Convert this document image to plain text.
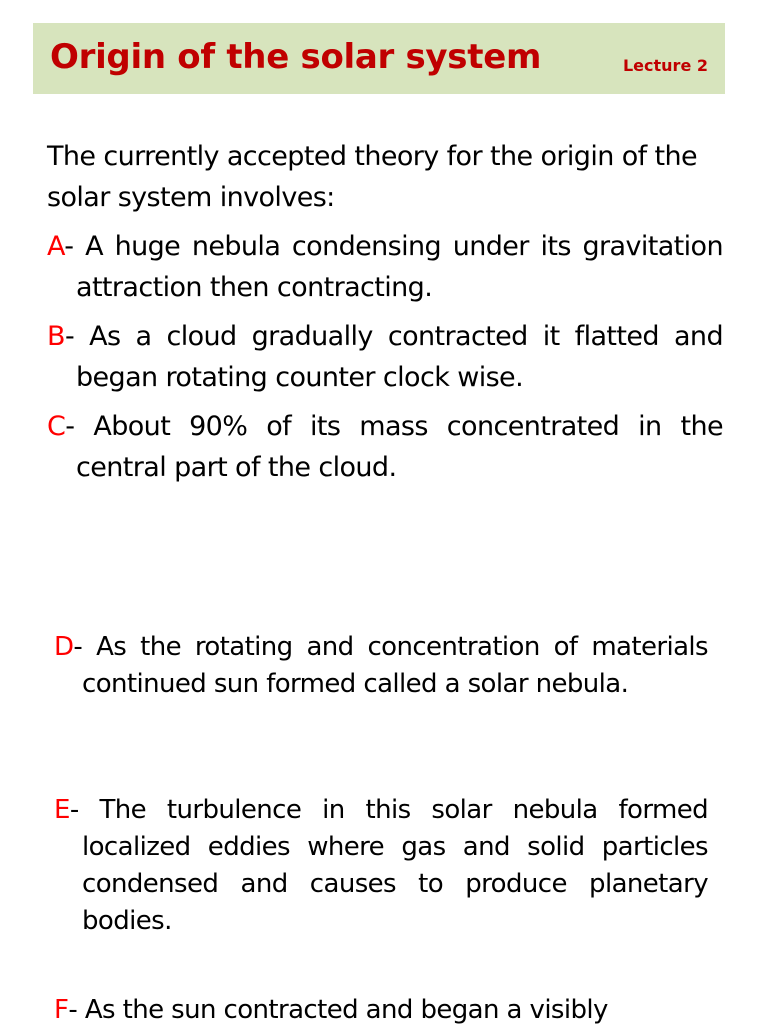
Origin of the solar system	Lecture 2

The currently accepted theory for the origin of the solar system involves:

A- A huge nebula condensing under its gravitation attraction then contracting.

B- As a cloud gradually contracted it flatted and began rotating counter clock wise.

C- About 90% of its mass concentrated in the central part of the cloud.

D- As the rotating and concentration of materials continued sun formed called a solar nebula.

E- The turbulence in this solar nebula formed localized eddies where gas and solid particles condensed and causes to produce planetary bodies.

F- As the sun contracted and began a visibly
